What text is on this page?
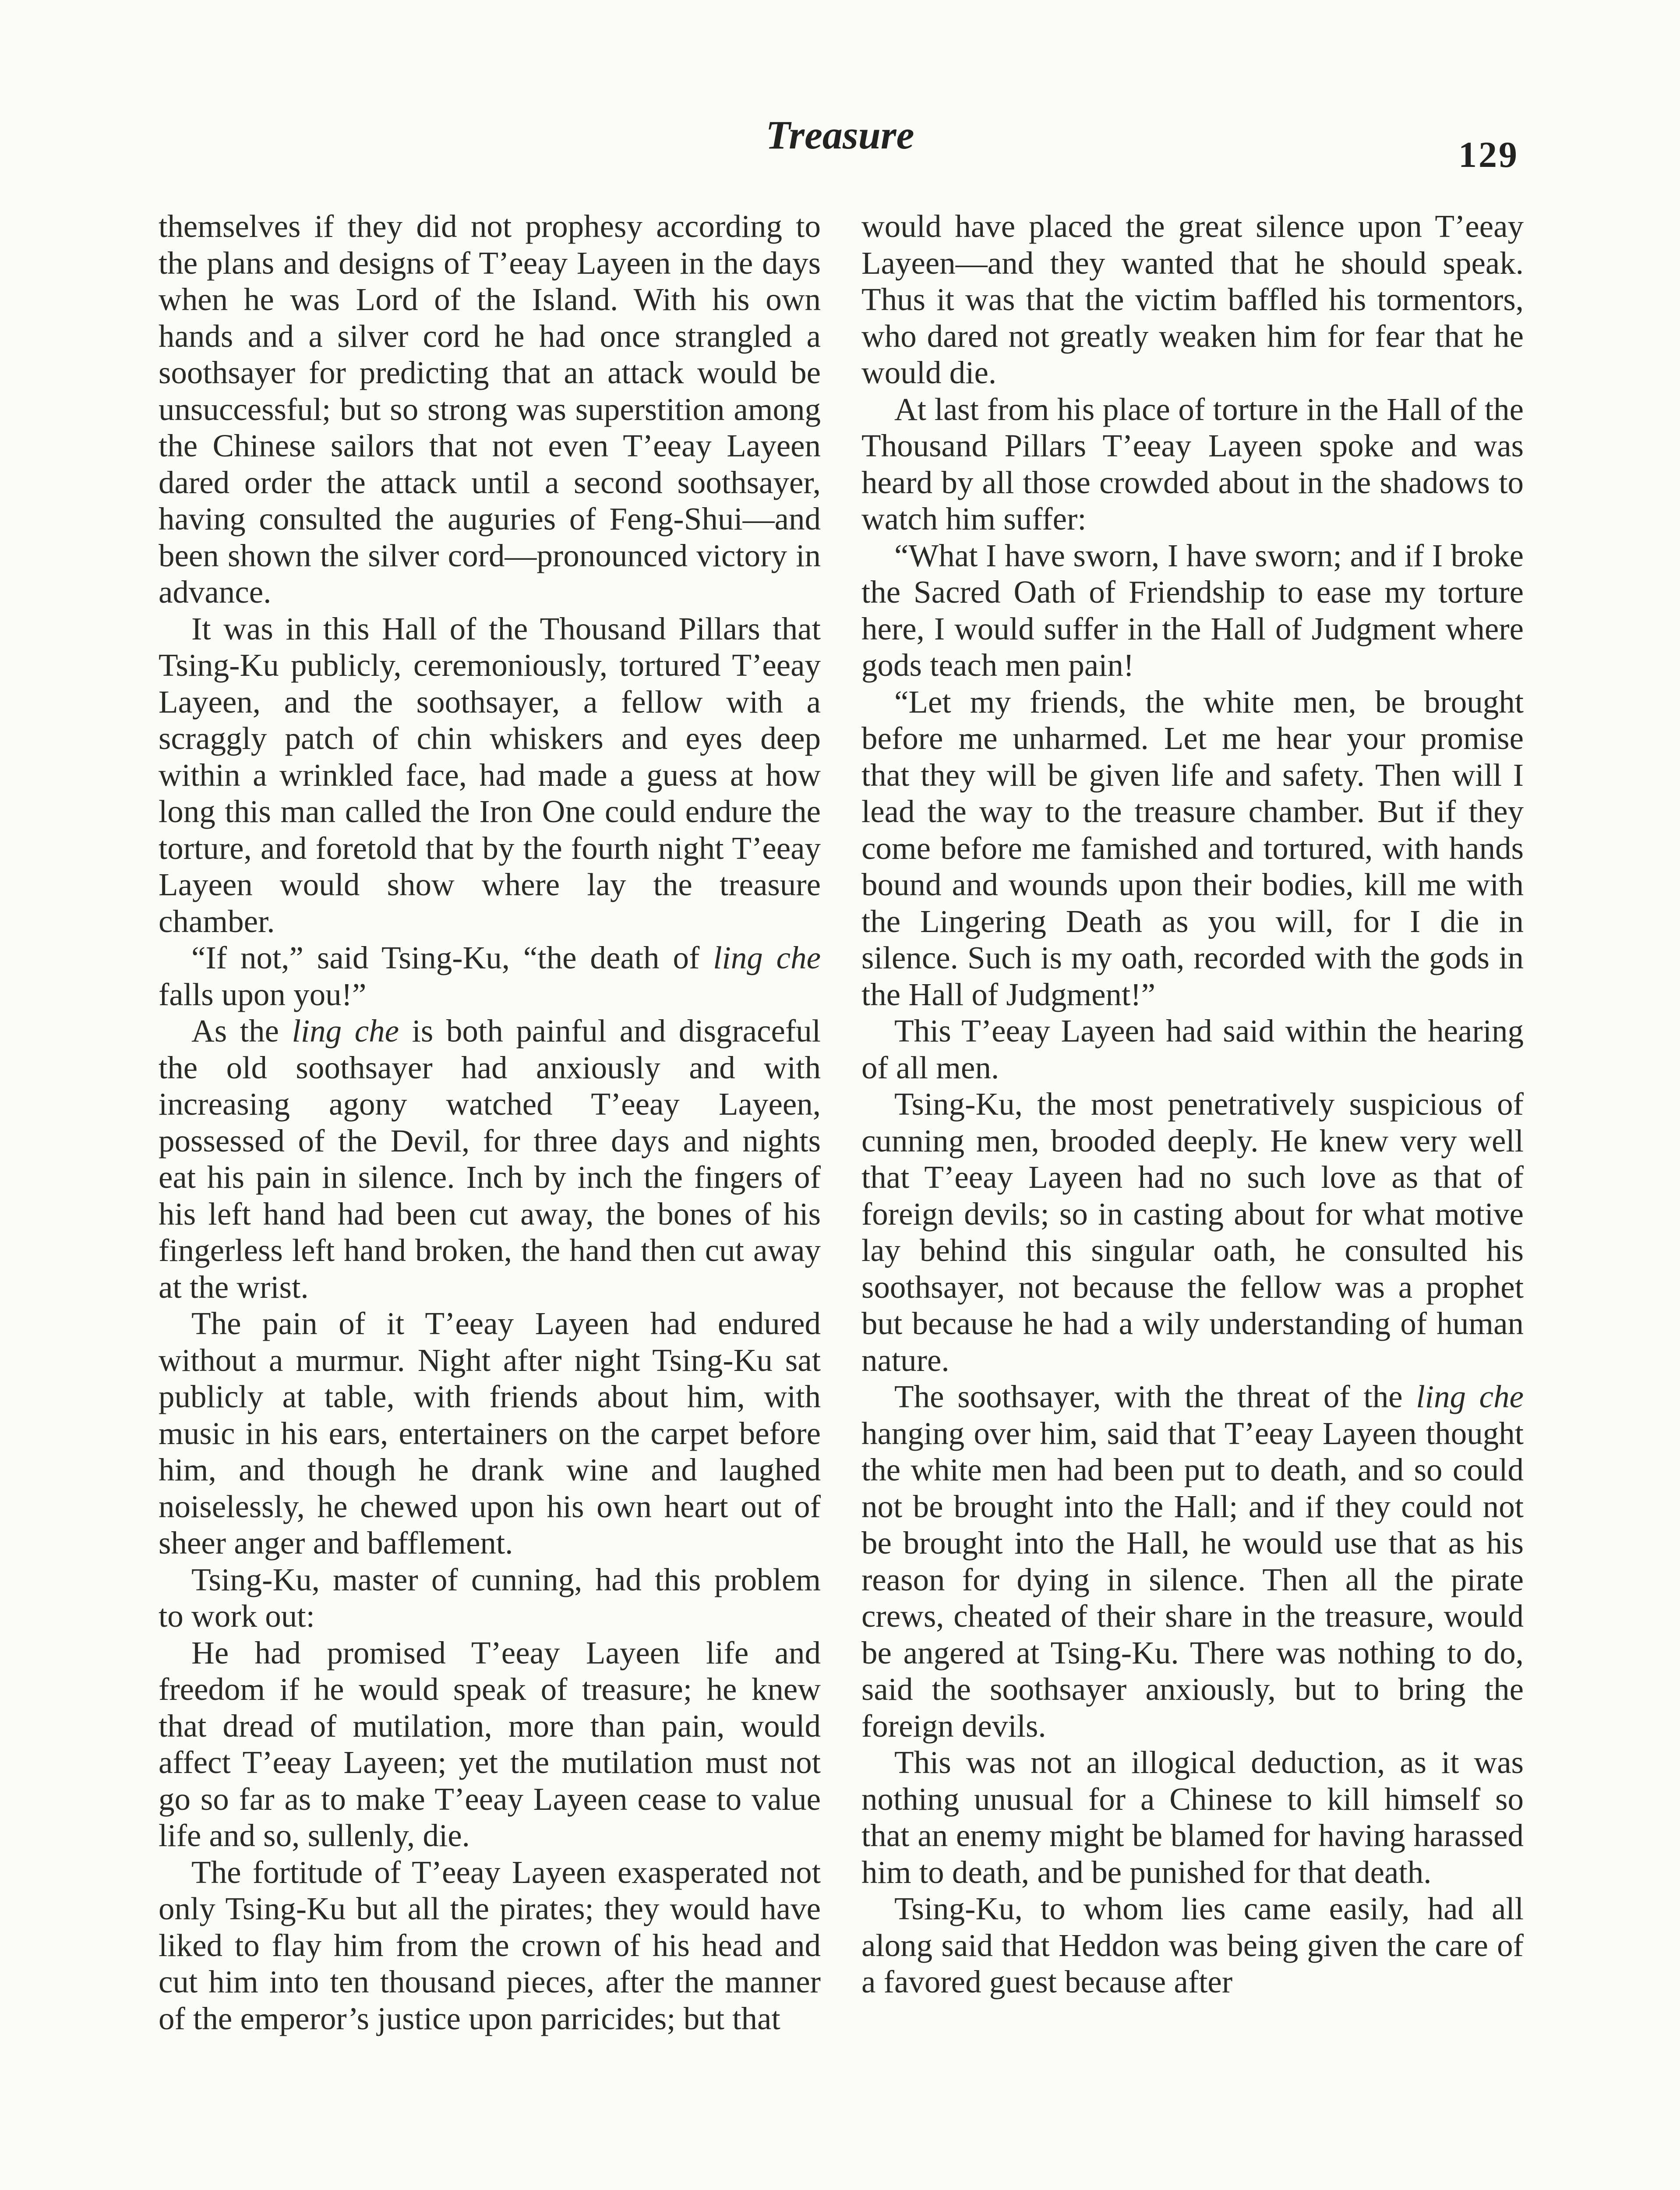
Treasure	129

themselves if they did not prophesy according to the plans and designs of T’eeay Layeen in the days when he was Lord of the Island. With his own hands and a silver cord he had once strangled a soothsayer for predicting that an attack would be unsuccessful; but so strong was superstition among the Chinese sailors that not even T’eeay Layeen dared order the attack until a second soothsayer, having consulted the auguries of Feng-Shui—and been shown the silver cord—pronounced victory in advance.

It was in this Hall of the Thousand Pillars that Tsing-Ku publicly, ceremoniously, tortured T’eeay Layeen, and the soothsayer, a fellow with a scraggly patch of chin whiskers and eyes deep within a wrinkled face, had made a guess at how long this man called the Iron One could endure the torture, and foretold that by the fourth night T’eeay Layeen would show where lay the treasure chamber.

“If not,” said Tsing-Ku, “the death of ling che falls upon you!”

As the ling che is both painful and disgraceful the old soothsayer had anxiously and with increasing agony watched T’eeay Layeen, possessed of the Devil, for three days and nights eat his pain in silence. Inch by inch the fingers of his left hand had been cut away, the bones of his fingerless left hand broken, the hand then cut away at the wrist.

The pain of it T’eeay Layeen had endured without a murmur. Night after night Tsing-Ku sat publicly at table, with friends about him, with music in his ears, entertainers on the carpet before him, and though he drank wine and laughed noiselessly, he chewed upon his own heart out of sheer anger and bafflement.

Tsing-Ku, master of cunning, had this problem to work out:

He had promised T’eeay Layeen life and freedom if he would speak of treasure; he knew that dread of mutilation, more than pain, would affect T’eeay Layeen; yet the mutilation must not go so far as to make T’eeay Layeen cease to value life and so, sullenly, die.

The fortitude of T’eeay Layeen exasperated not only Tsing-Ku but all the pirates; they would have liked to flay him from the crown of his head and cut him into ten thousand pieces, after the manner of the emperor’s justice upon parricides; but that

would have placed the great silence upon T’eeay Layeen—and they wanted that he should speak. Thus it was that the victim baffled his tormentors, who dared not greatly weaken him for fear that he would die.

At last from his place of torture in the Hall of the Thousand Pillars T’eeay Layeen spoke and was heard by all those crowded about in the shadows to watch him suffer:

“What I have sworn, I have sworn; and if I broke the Sacred Oath of Friendship to ease my torture here, I would suffer in the Hall of Judgment where gods teach men pain!

“Let my friends, the white men, be brought before me unharmed. Let me hear your promise that they will be given life and safety. Then will I lead the way to the treasure chamber. But if they come before me famished and tortured, with hands bound and wounds upon their bodies, kill me with the Lingering Death as you will, for I die in silence. Such is my oath, recorded with the gods in the Hall of Judgment!”

This T’eeay Layeen had said within the hearing of all men.

Tsing-Ku, the most penetratively suspicious of cunning men, brooded deeply. He knew very well that T’eeay Layeen had no such love as that of foreign devils; so in casting about for what motive lay behind this singular oath, he consulted his soothsayer, not because the fellow was a prophet but because he had a wily understanding of human nature.

The soothsayer, with the threat of the ling che hanging over him, said that T’eeay Layeen thought the white men had been put to death, and so could not be brought into the Hall; and if they could not be brought into the Hall, he would use that as his reason for dying in silence. Then all the pirate crews, cheated of their share in the treasure, would be angered at Tsing-Ku. There was nothing to do, said the soothsayer anxiously, but to bring the foreign devils.

This was not an illogical deduction, as it was nothing unusual for a Chinese to kill himself so that an enemy might be blamed for having harassed him to death, and be punished for that death.

Tsing-Ku, to whom lies came easily, had all along said that Heddon was being given the care of a favored guest because after
